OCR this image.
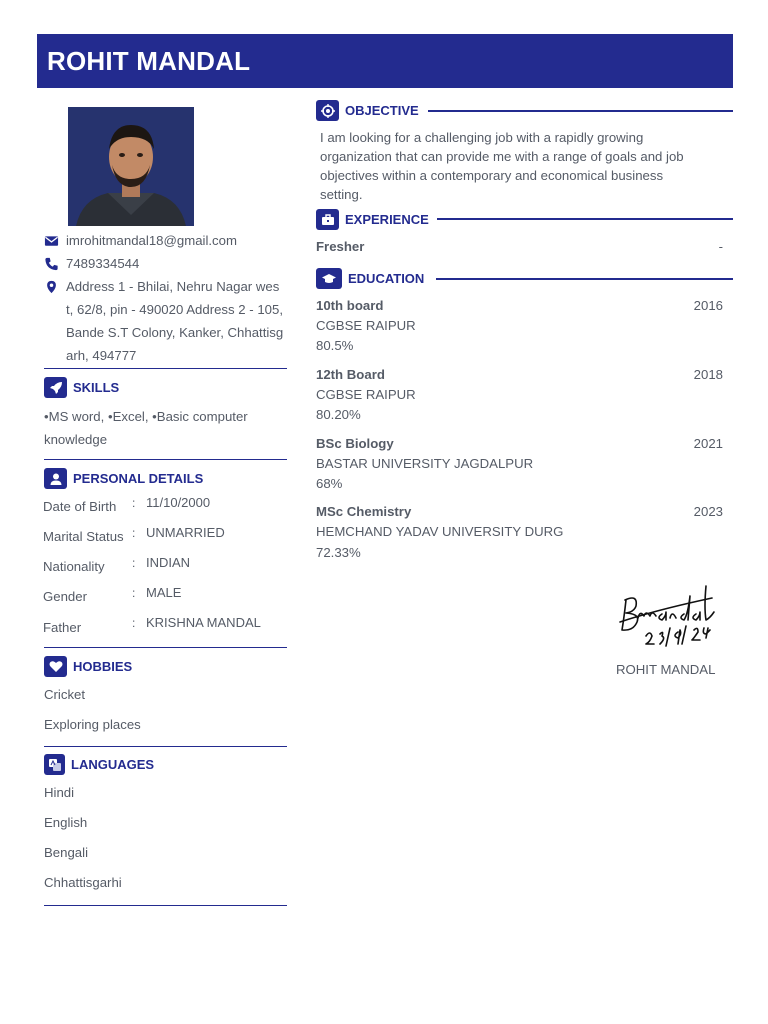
ROHIT MANDAL
imrohitmandal18@gmail.com
7489334544
Address 1 - Bhilai, Nehru Nagar wes
t, 62/8, pin - 490020 Address 2 - 105,
Bande S.T Colony, Kanker, Chhattisg
arh, 494777
SKILLS
•MS word, •Excel, •Basic computer
knowledge
PERSONAL DETAILS
Date of Birth : 11/10/2000
Marital Status : UNMARRIED
Nationality : INDIAN
Gender	: MALE
Father	: KRISHNA MANDAL
HOBBIES
Cricket
Exploring places
LANGUAGES
Hindi
English
Bengali
Chhattisgarhi
OBJECTIVE
I am looking for a challenging job with a rapidly growing
organization that can provide me with a range of goals and job
objectives within a contemporary and economical business
setting.
EXPERIENCE
Fresher	-
EDUCATION
10th board	2016
CGBSE RAIPUR
80.5%
12th Board	2018
CGBSE RAIPUR
80.20%
BSc Biology	2021
BASTAR UNIVERSITY JAGDALPUR
68%
MSc Chemistry	2023
HEMCHAND YADAV UNIVERSITY DURG
72.33%
ROHIT MANDAL
